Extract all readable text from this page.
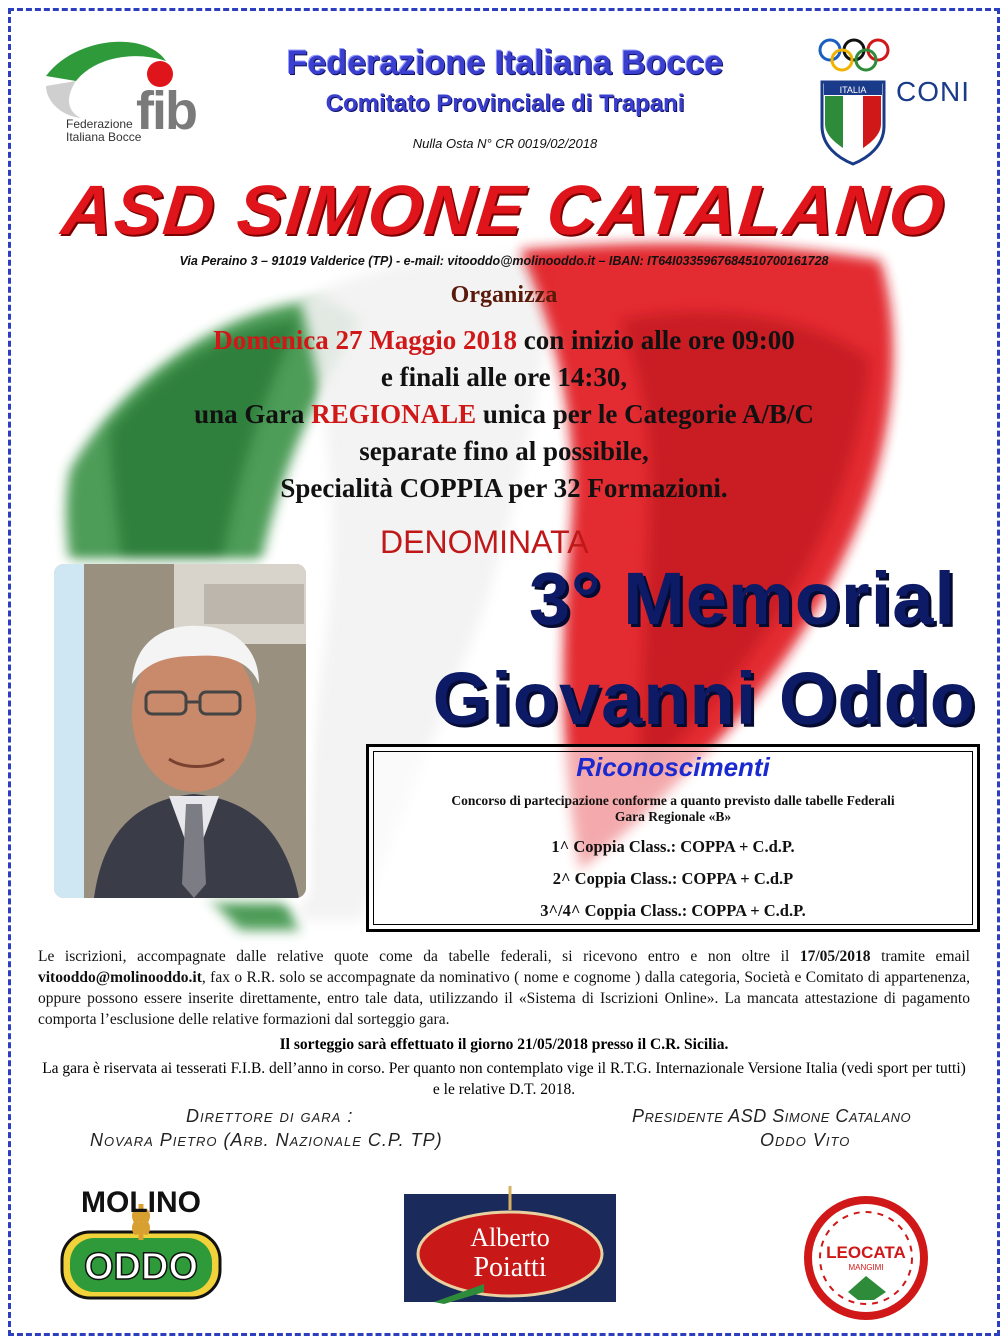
fib
Federazione
Italiana Bocce
Federazione Italiana Bocce
Comitato Provinciale di Trapani
Nulla Osta N° CR 0019/02/2018
ITALIA CONI
ASD SIMONE CATALANO
Via Peraino 3 – 91019 Valderice (TP) - e-mail: vitooddo@molinooddo.it – IBAN: IT64I0335967684510700161728
Organizza
Domenica 27 Maggio 2018 con inizio alle ore 09:00
e finali alle ore 14:30,
una Gara REGIONALE unica per le Categorie A/B/C
separate fino al possibile,
Specialità COPPIA per 32 Formazioni.
DENOMINATA
3° Memorial
Giovanni Oddo
Riconoscimenti
Concorso di partecipazione conforme a quanto previsto dalle tabelle Federali
Gara Regionale «B»
1^ Coppia Class.: COPPA + C.d.P.
2^ Coppia Class.: COPPA + C.d.P
3^/4^ Coppia Class.: COPPA + C.d.P.
Le iscrizioni, accompagnate dalle relative quote come da tabelle federali, si ricevono entro e non oltre il 17/05/2018 tramite email vitooddo@molinooddo.it, fax o R.R. solo se accompagnate da nominativo ( nome e cognome ) dalla categoria, Società e Comitato di appartenenza, oppure possono essere inserite direttamente, entro tale data, utilizzando il «Sistema di Iscrizioni Online». La mancata attestazione di pagamento comporta l’esclusione delle relative formazioni dal sorteggio gara.
Il sorteggio sarà effettuato il giorno 21/05/2018 presso il C.R. Sicilia.
La gara è riservata ai tesserati F.I.B. dell’anno in corso. Per quanto non contemplato vige il R.T.G. Internazionale Versione Italia (vedi sport per tutti) e le relative D.T. 2018.
Direttore di gara :
Novara Pietro (Arb. Nazionale C.P. TP)
Presidente ASD Simone Catalano
Oddo Vito
MOLINO
ODDO
Alberto
Poiatti	LEOCATA
MANGIMI
